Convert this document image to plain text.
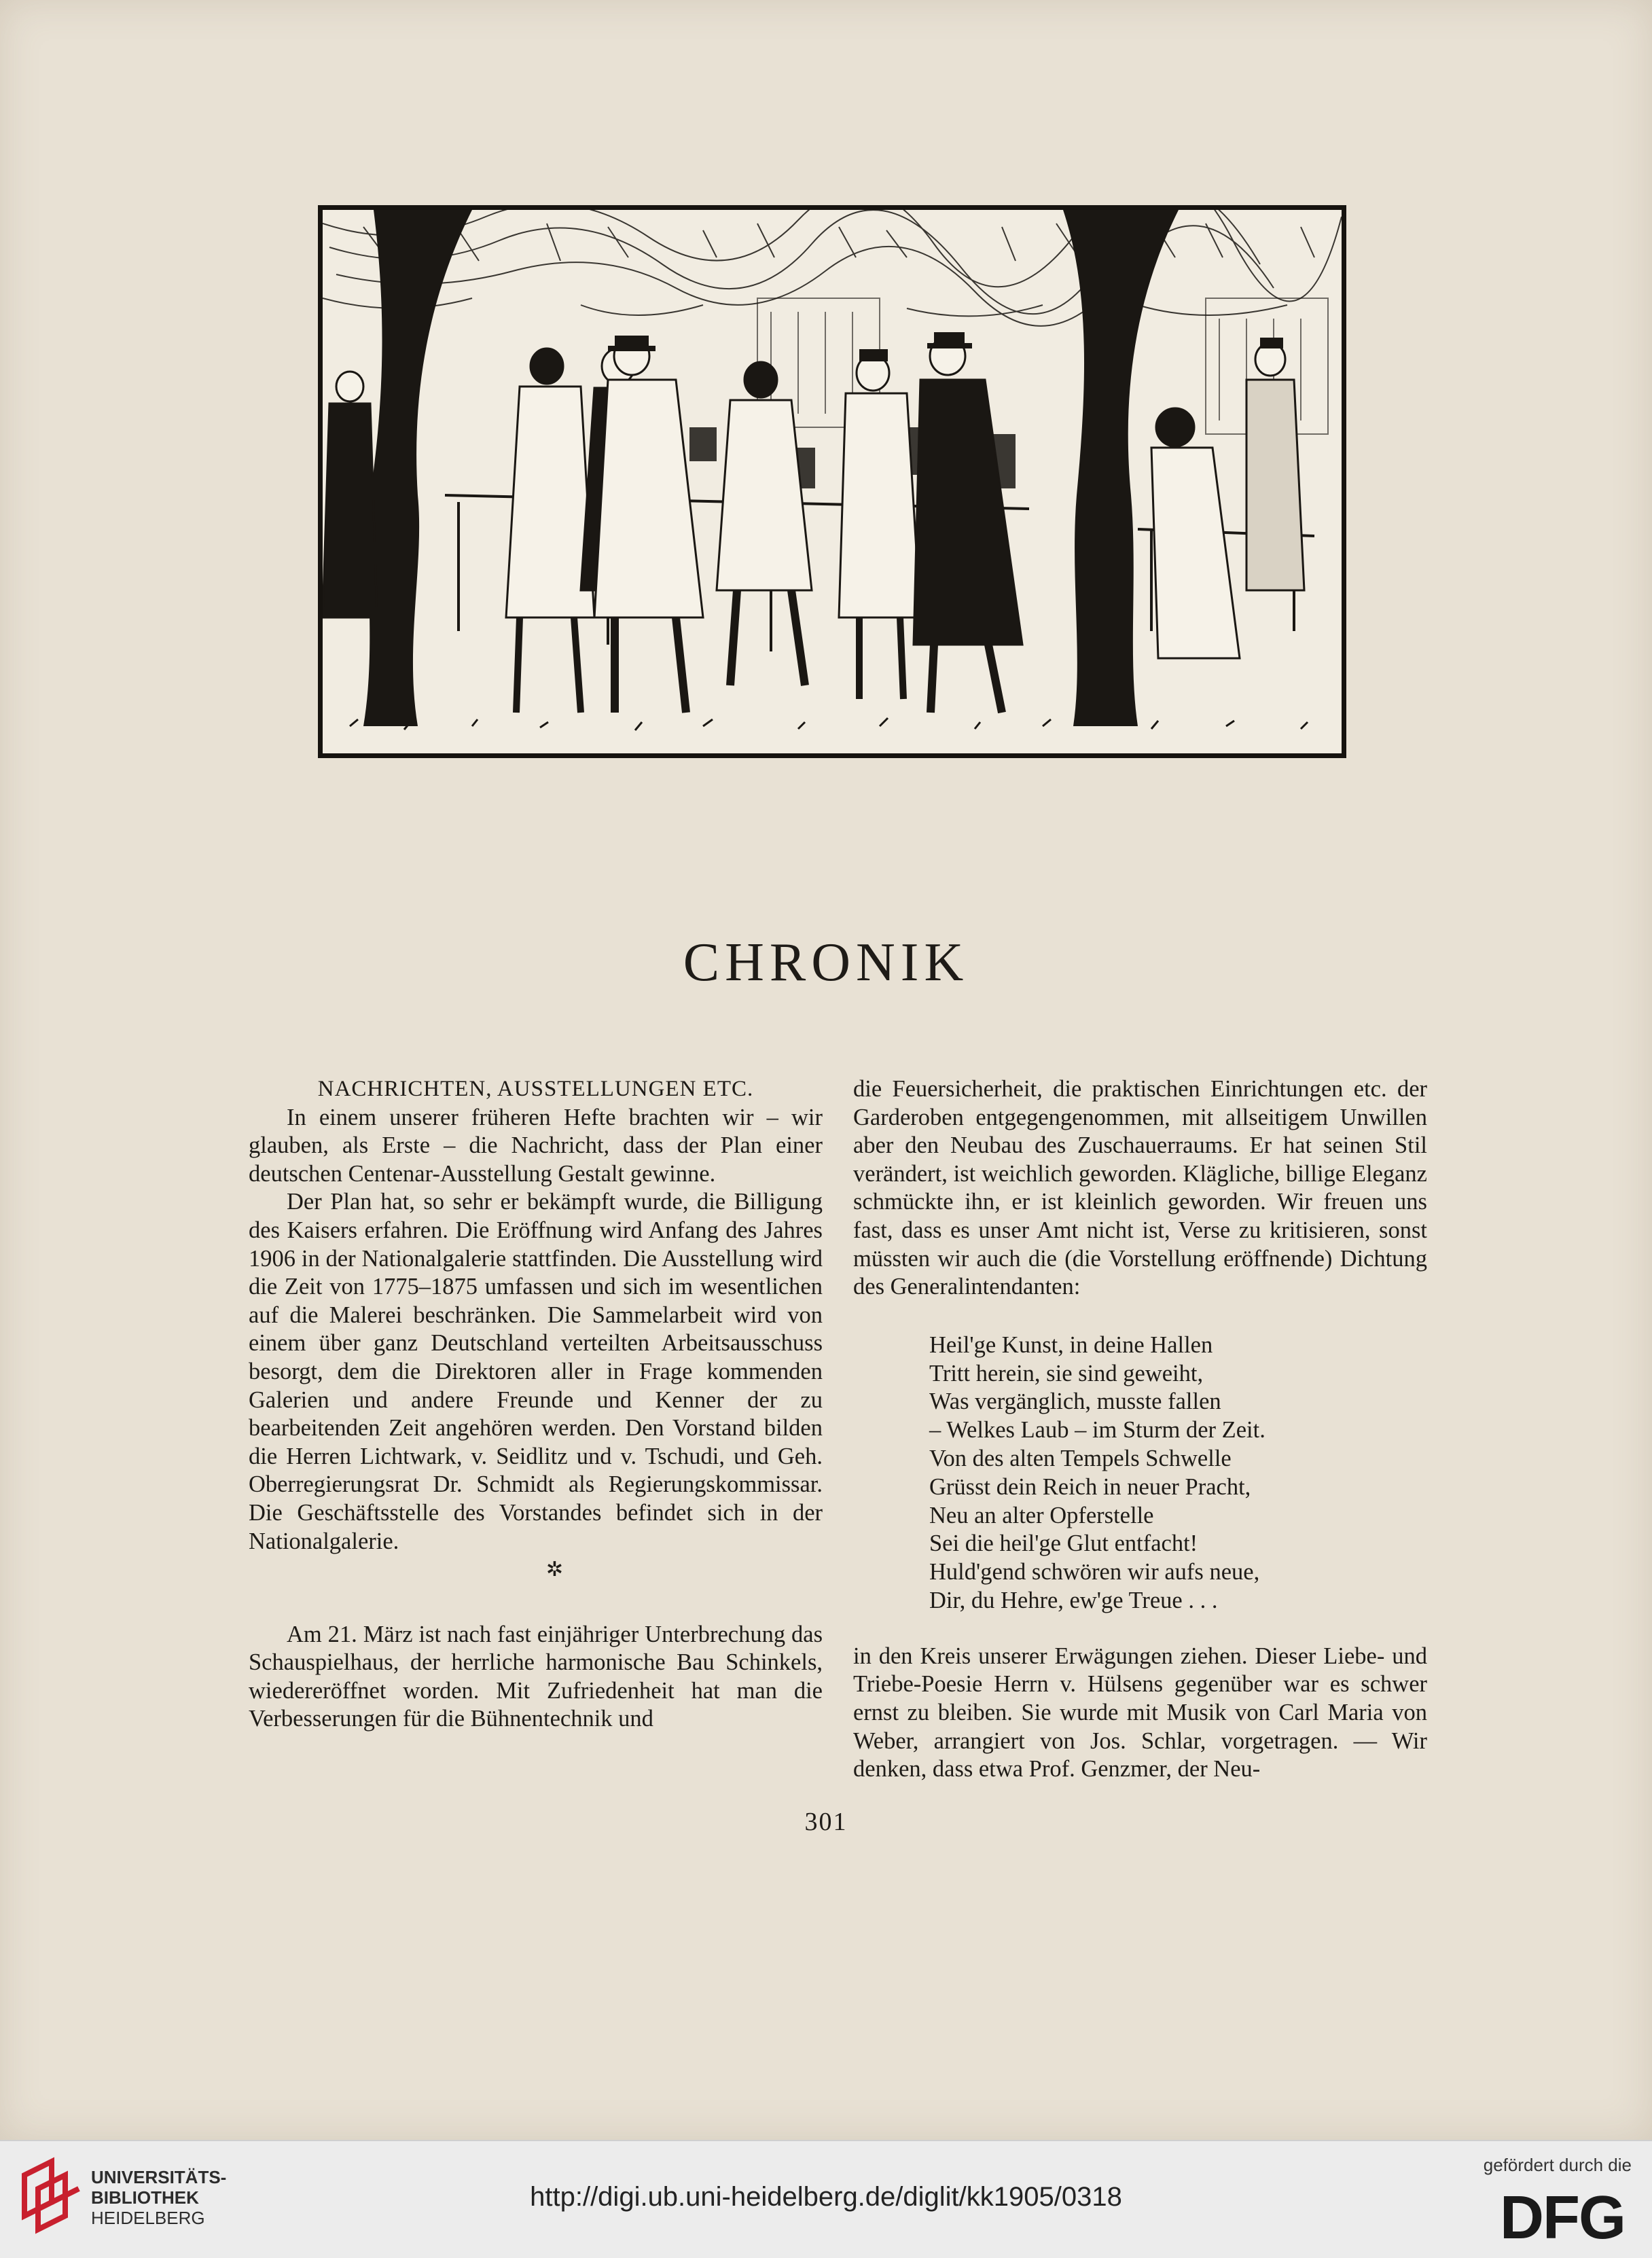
CHRONIK

NACHRICHTEN, AUSSTELLUNGEN ETC.

In einem unserer früheren Hefte brachten wir – wir glauben, als Erste – die Nachricht, dass der Plan einer deutschen Centenar-Ausstellung Gestalt gewinne.

Der Plan hat, so sehr er bekämpft wurde, die Billigung des Kaisers erfahren. Die Eröffnung wird Anfang des Jahres 1906 in der Nationalgalerie stattfinden. Die Ausstellung wird die Zeit von 1775–1875 umfassen und sich im wesentlichen auf die Malerei beschränken. Die Sammelarbeit wird von einem über ganz Deutschland verteilten Arbeitsausschuss besorgt, dem die Direktoren aller in Frage kommenden Galerien und andere Freunde und Kenner der zu bearbeitenden Zeit angehören werden. Den Vorstand bilden die Herren Lichtwark, v. Seidlitz und v. Tschudi, und Geh. Oberregierungsrat Dr. Schmidt als Regierungskommissar. Die Geschäftsstelle des Vorstandes befindet sich in der Nationalgalerie.

✲

Am 21. März ist nach fast einjähriger Unterbrechung das Schauspielhaus, der herrliche harmonische Bau Schinkels, wiedereröffnet worden. Mit Zufriedenheit hat man die Verbesserungen für die Bühnentechnik und

die Feuersicherheit, die praktischen Einrichtungen etc. der Garderoben entgegengenommen, mit allseitigem Unwillen aber den Neubau des Zuschauerraums. Er hat seinen Stil verändert, ist weichlich geworden. Klägliche, billige Eleganz schmückte ihn, er ist kleinlich geworden. Wir freuen uns fast, dass es unser Amt nicht ist, Verse zu kritisieren, sonst müssten wir auch die (die Vorstellung eröffnende) Dichtung des Generalintendanten:

Heil'ge Kunst, in deine Hallen
Tritt herein, sie sind geweiht,
Was vergänglich, musste fallen
– Welkes Laub – im Sturm der Zeit.
Von des alten Tempels Schwelle
Grüsst dein Reich in neuer Pracht,
Neu an alter Opferstelle
Sei die heil'ge Glut entfacht!
Huld'gend schwören wir aufs neue,
Dir, du Hehre, ew'ge Treue . . .

in den Kreis unserer Erwägungen ziehen. Dieser Liebe- und Triebe-Poesie Herrn v. Hülsens gegenüber war es schwer ernst zu bleiben. Sie wurde mit Musik von Carl Maria von Weber, arrangiert von Jos. Schlar, vorgetragen. — Wir denken, dass etwa Prof. Genzmer, der Neu-

301
UNIVERSITÄTS-
BIBLIOTHEK
HEIDELBERG
http://digi.ub.uni-heidelberg.de/diglit/kk1905/0318
gefördert durch die
DFG
